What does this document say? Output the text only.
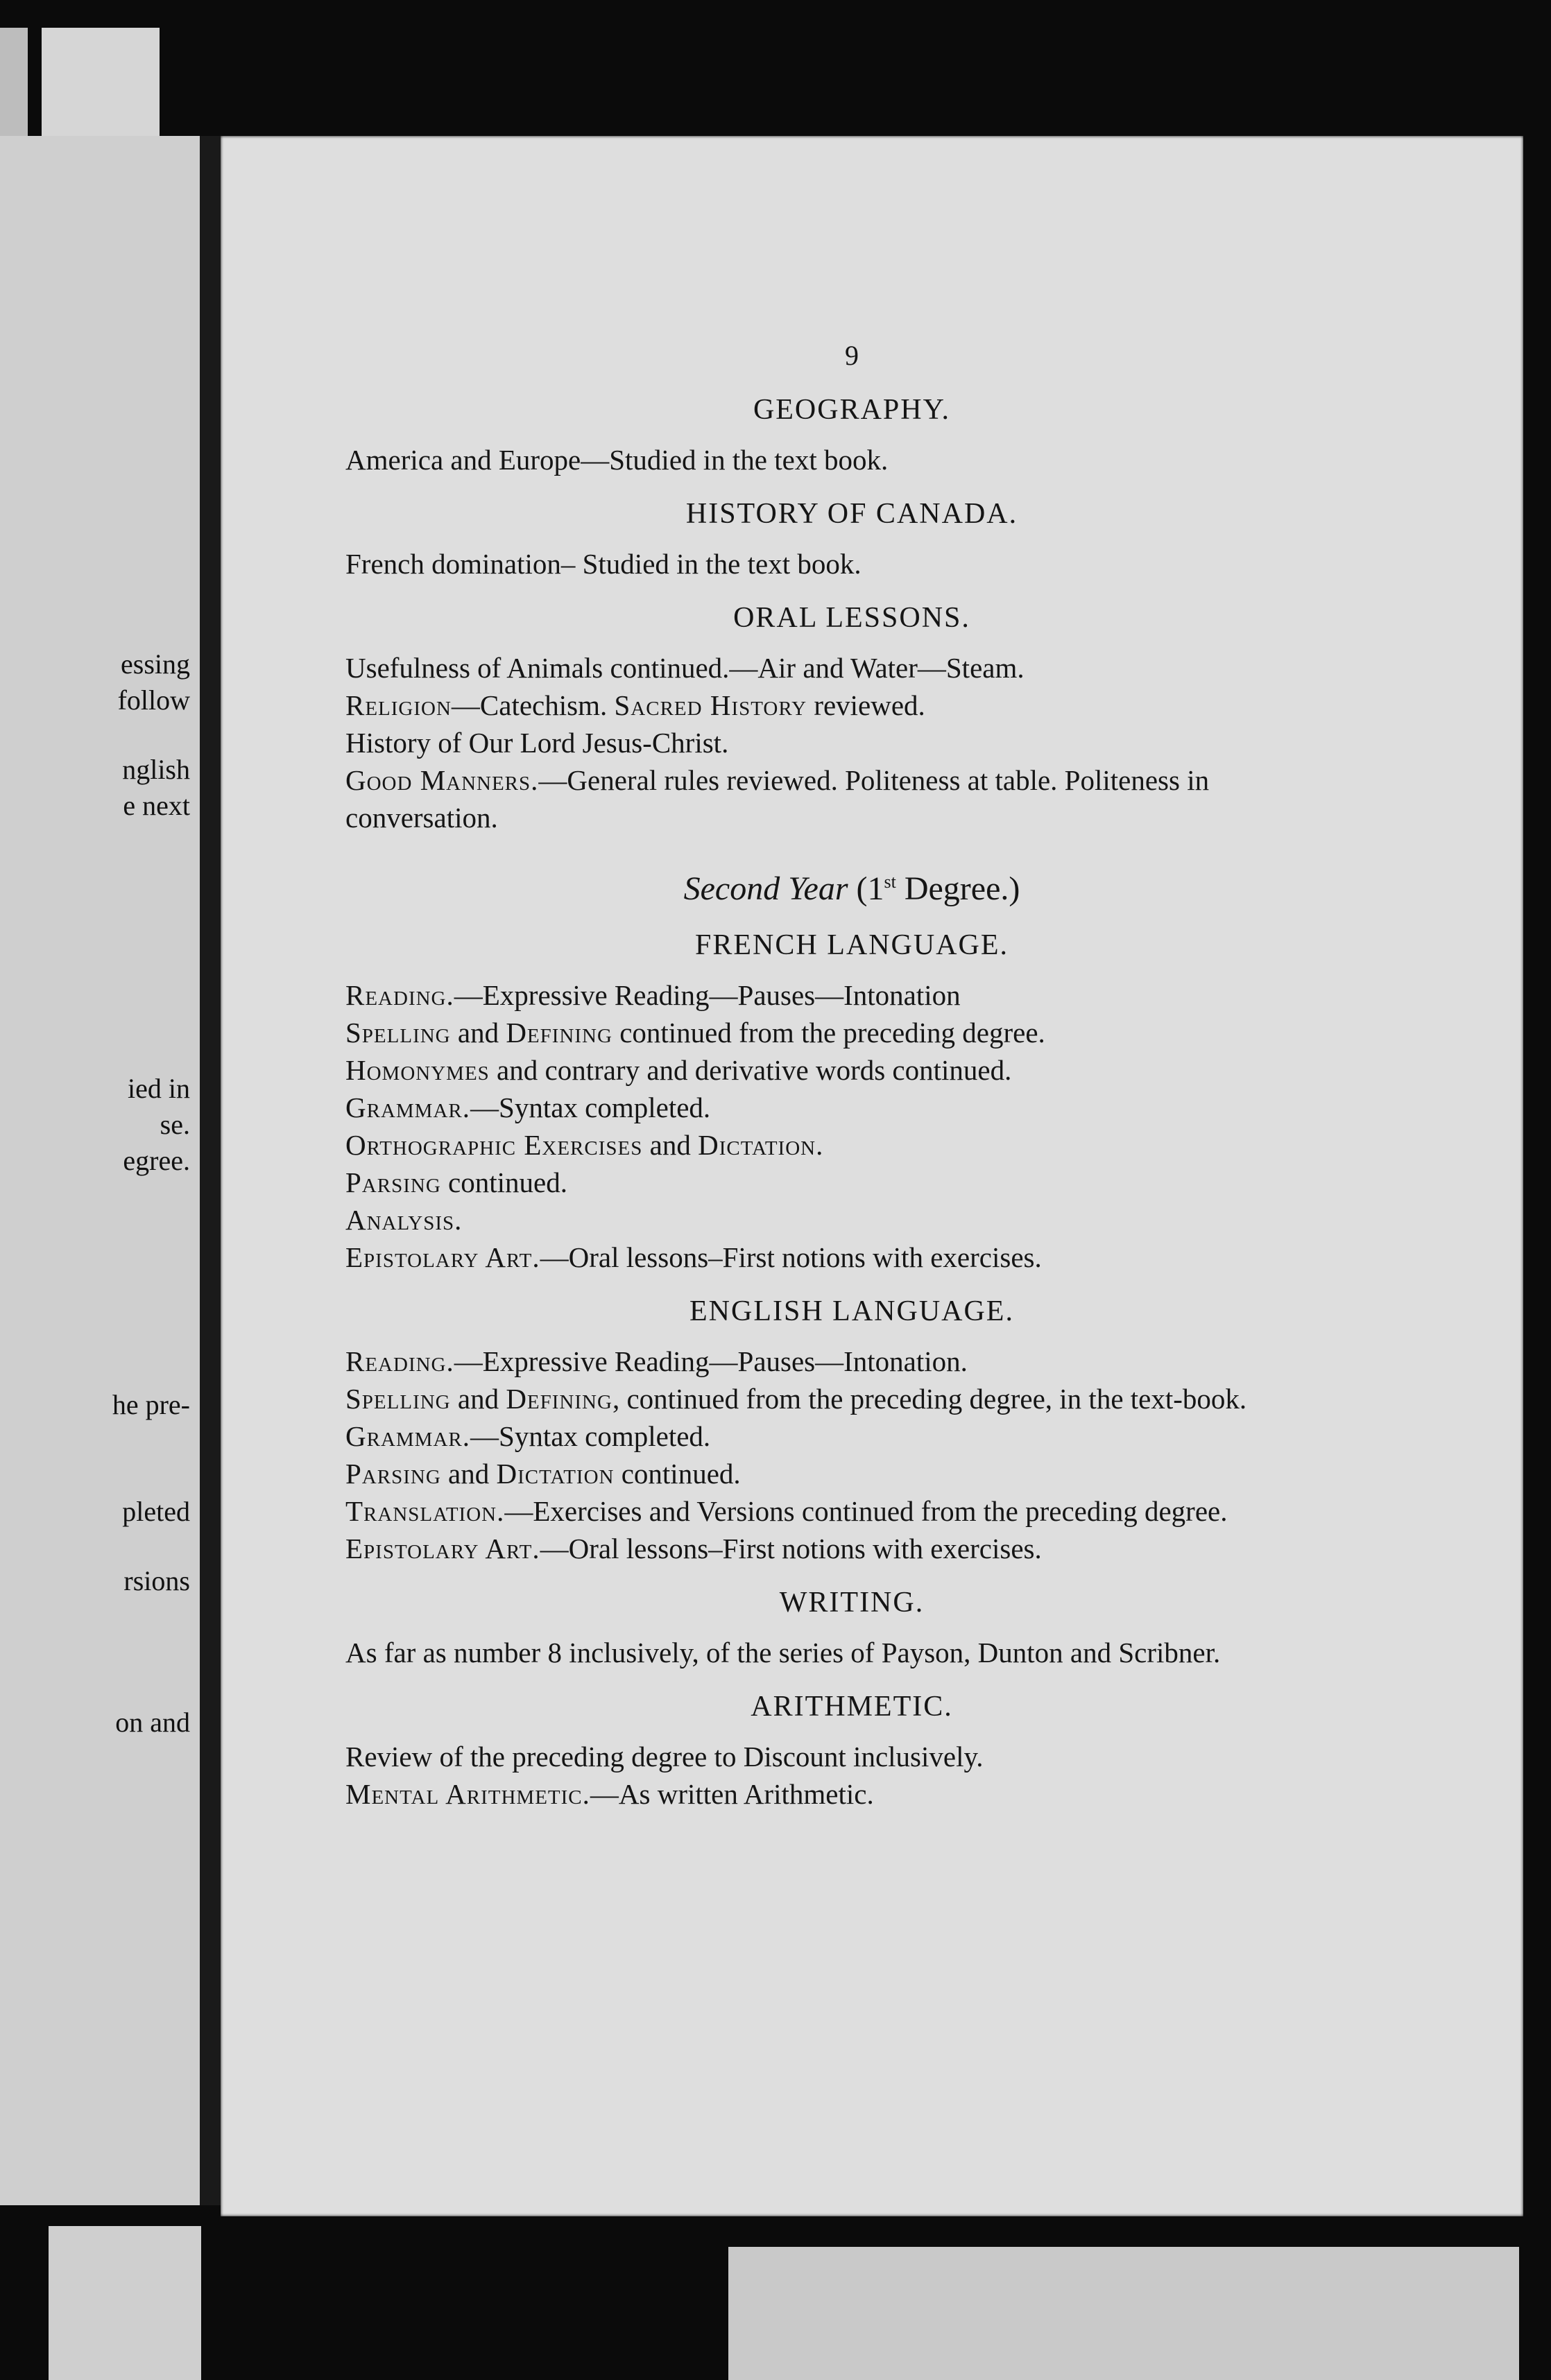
essing
follow
nglish
e next
ied in
se.
egree.
he pre-
pleted
rsions
on and
9
GEOGRAPHY.

America and Europe—Studied in the text book.

HISTORY OF CANADA.

French domination– Studied in the text book.

ORAL LESSONS.

Usefulness of Animals continued.—Air and Water—Steam.

Religion—Catechism. Sacred History reviewed.

History of Our Lord Jesus-Christ.

Good Manners.—General rules reviewed. Politeness at table. Politeness in conversation.

Second Year (1st Degree.)
FRENCH LANGUAGE.

Reading.—Expressive Reading—Pauses—Intonation

Spelling and Defining continued from the preceding degree.

Homonymes and contrary and derivative words continued.

Grammar.—Syntax completed.

Orthographic Exercises and Dictation.

Parsing continued.

Analysis.

Epistolary Art.—Oral lessons–First notions with exercises.

ENGLISH LANGUAGE.

Reading.—Expressive Reading—Pauses—Intonation.

Spelling and Defining, continued from the preceding degree, in the text-book.

Grammar.—Syntax completed.

Parsing and Dictation continued.

Translation.—Exercises and Versions continued from the preceding degree.

Epistolary Art.—Oral lessons–First notions with exercises.

WRITING.

As far as number 8 inclusively, of the series of Payson, Dunton and Scribner.

ARITHMETIC.

Review of the preceding degree to Discount inclusively.

Mental Arithmetic.—As written Arithmetic.
